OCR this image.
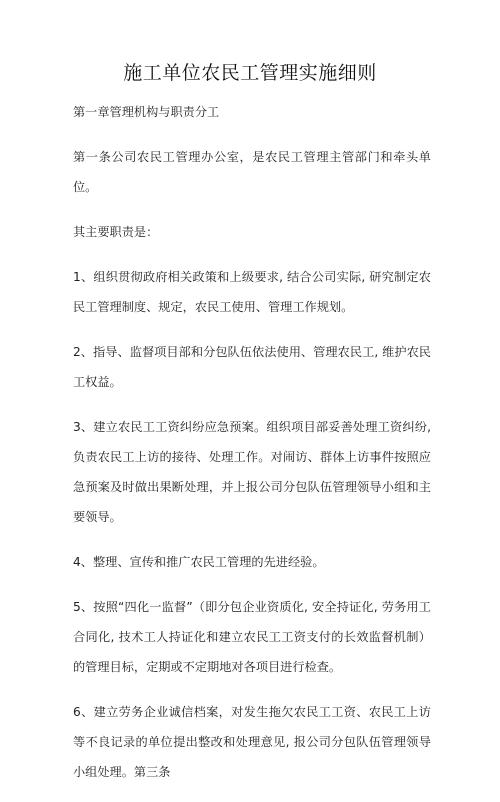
施工单位农民工管理实施细则

第一章管理机构与职责分工

第一条公司农民工管理办公室，是农民工管理主管部门和牵头单位。

其主要职责是：

1、组织贯彻政府相关政策和上级要求, 结合公司实际, 研究制定农民工管理制度、规定，农民工使用、管理工作规划。

2、指导、监督项目部和分包队伍依法使用、管理农民工, 维护农民工权益。

3、建立农民工工资纠纷应急预案。组织项目部妥善处理工资纠纷, 负责农民工上访的接待、处理工作。对闹访、群体上访事件按照应急预案及时做出果断处理，并上报公司分包队伍管理领导小组和主要领导。

4、整理、宣传和推广农民工管理的先进经验。

5、按照“四化一监督”（即分包企业资质化, 安全持证化, 劳务用工合同化, 技术工人持证化和建立农民工工资支付的长效监督机制）的管理目标，定期或不定期地对各项目进行检查。

6、建立劳务企业诚信档案，对发生拖欠农民工工资、农民工上访等不良记录的单位提出整改和处理意见, 报公司分包队伍管理领导小组处理。第三条
